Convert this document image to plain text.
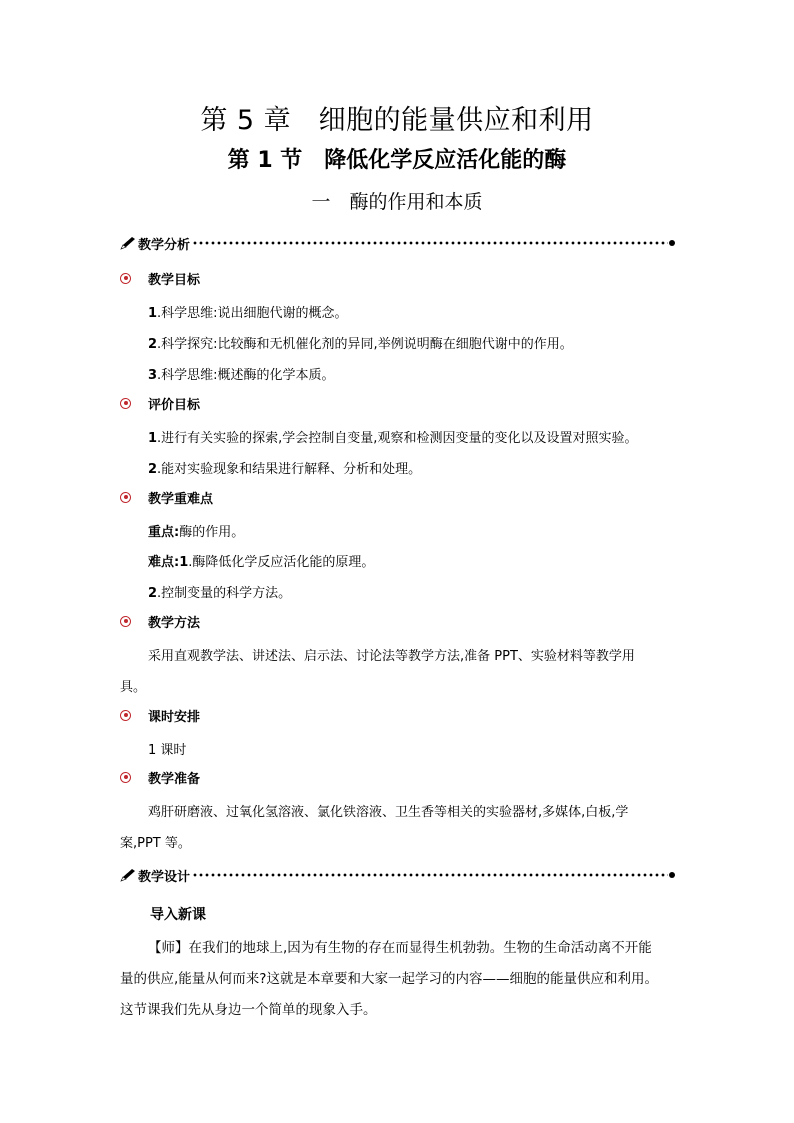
第 5 章　细胞的能量供应和利用
第 1 节　降低化学反应活化能的酶
一　酶的作用和本质
教学分析
教学目标
1.科学思维:说出细胞代谢的概念。
2.科学探究:比较酶和无机催化剂的异同,举例说明酶在细胞代谢中的作用。
3.科学思维:概述酶的化学本质。
评价目标
1.进行有关实验的探索,学会控制自变量,观察和检测因变量的变化以及设置对照实验。
2.能对实验现象和结果进行解释、分析和处理。
教学重难点
重点:酶的作用。
难点:1.酶降低化学反应活化能的原理。
2.控制变量的科学方法。
教学方法
采用直观教学法、讲述法、启示法、讨论法等教学方法,准备 PPT、实验材料等教学用
具。
课时安排
1 课时
教学准备
鸡肝研磨液、过氧化氢溶液、氯化铁溶液、卫生香等相关的实验器材,多媒体,白板,学
案,PPT 等。
教学设计
导入新课
【师】在我们的地球上,因为有生物的存在而显得生机勃勃。生物的生命活动离不开能
量的供应,能量从何而来?这就是本章要和大家一起学习的内容——细胞的能量供应和利用。
这节课我们先从身边一个简单的现象入手。
